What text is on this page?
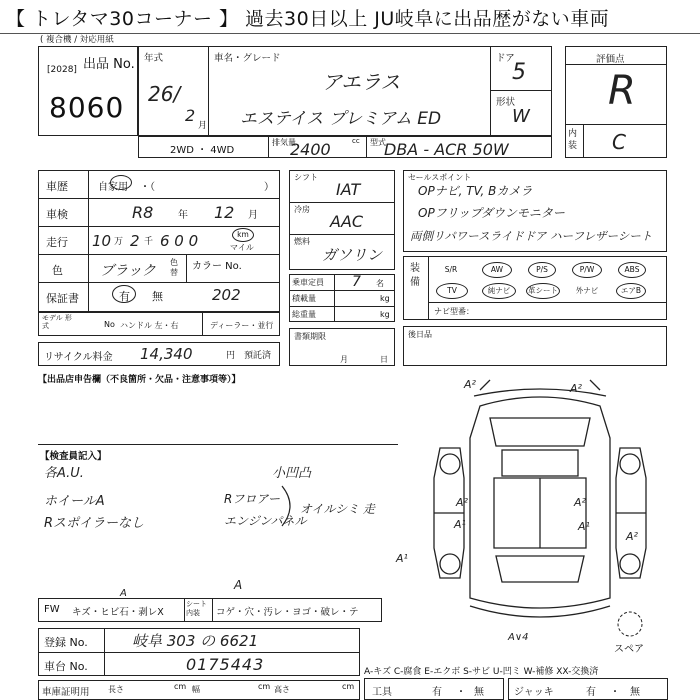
【 トレタマ30コーナー 】 過去30日以上 JU岐阜に出品歴がない車両
( 複合機 / 対応用紙
出品 No.
[2028]
8060
年式
26/
2
月
車名・グレード
アエラス
エステイス プレミアム ED
ドア
5
形状
W
評価点
R
内装 C
2WD ・ 4WD
排気量	cc
2400	型式
DBA - ACR 50W
車歴	自家用 ・（	）
車検	R8 年 12 月
走行 10 万 2 千 6 0 0	km
マイル
色	ブラック
色替
カラー No.
202
保証書	有 無
モデル 形式	No ハンドル 左・右	ディーラー・並行
リサイクル料金 14,340	円 預託済
シフト
IAT
冷房
AAC
燃料
ガソリン
乗車定員 7 名
積載量	kg
総重量	kg
書類期限
月	日
セールスポイント
OPナビ, TV, Bカメラ
OPフリップダウンモニター
両側リパワースライドドア ハーフレザーシート
装備
S/R	AW	P/S	P/W	ABS
TV	純ナビ	革シート	外ナビ	エアB
ナビ型番：
後日品
【出品店申告欄（不良箇所・欠品・注意事項等）】
【検査員記入】
各A.U.
ホイールA
Rスポイラーなし
Rフロアー
エンジンパネル
小凹凸
オイルシミ 走
A²	A²
A²
A¹
A²
A¹
A¹
A²
A
A∨4
スペア
FW キズ・ヒビ石・剥レX
シート内装	コゲ・穴・汚レ・ヨゴ・破レ・テ
A
登録 No.	岐阜 303 の 6621
車台 No.	0175443	A-キズ C-腐食 E-エクボ S-サビ U-凹ミ W-補修 XX-交換済
車庫証明用 長さ	cm 幅	cm 高さ	cm
工具	有 ・ 無	ジャッキ	有 ・ 無
